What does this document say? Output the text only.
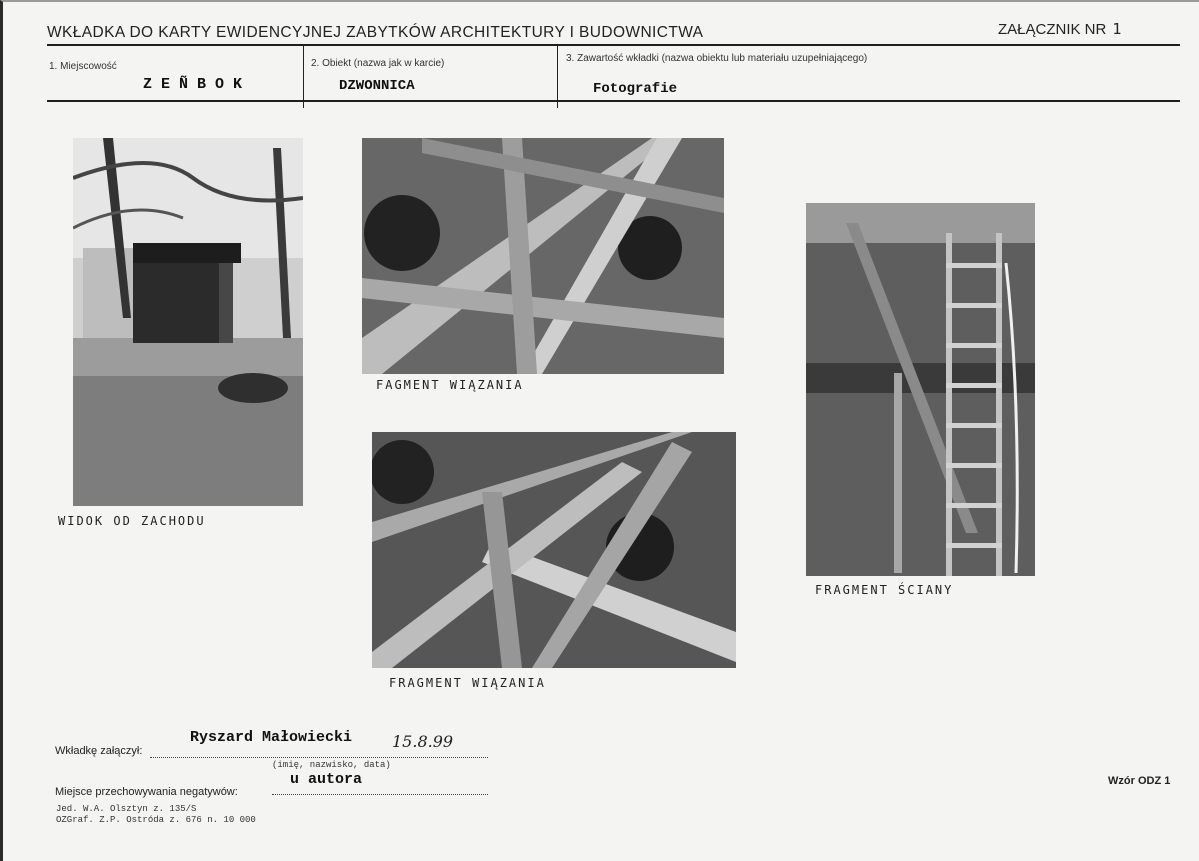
WKŁADKA DO KARTY EWIDENCYJNEJ ZABYTKÓW ARCHITEKTURY I BUDOWNICTWA	ZAŁĄCZNIK NR 1
1. Miejscowość
Z E Ñ B O K
2. Obiekt (nazwa jak w karcie)
DZWONNICA
3. Zawartość wkładki (nazwa obiektu lub materiału uzupełniającego)
Fotografie
WIDOK OD ZACHODU
FAGMENT WIĄZANIA
FRAGMENT WIĄZANIA
FRAGMENT ŚCIANY
Wkładkę załączył:
Ryszard Małowiecki 15.8.99
(imię, nazwisko, data)
Miejsce przechowywania negatywów:
u autora
Jed. W.A. Olsztyn z. 135/S
OZGraf. Z.P. Ostróda z. 676 n. 10 000
Wzór ODZ 1
